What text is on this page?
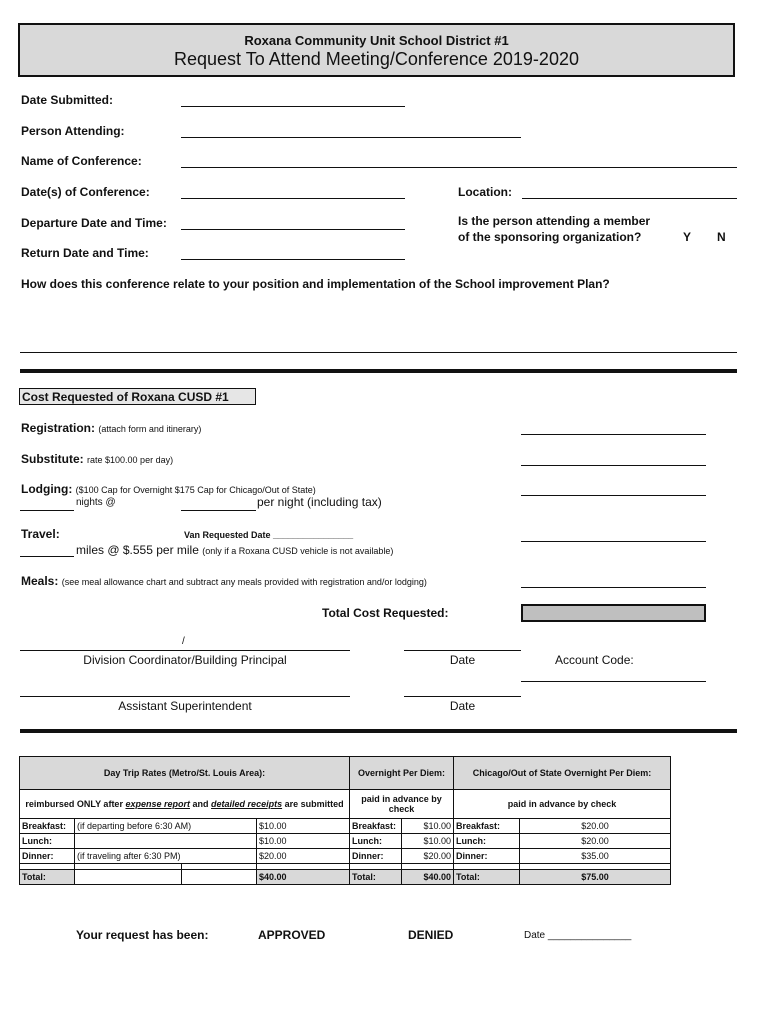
Roxana Community Unit School District #1
Request To Attend Meeting/Conference 2019-2020
Date Submitted:
Person Attending:
Name of Conference:
Date(s) of Conference:	Location:
Departure Date and Time:	Is the person attending a member
of the sponsoring organization?	Y N
Return Date and Time:
How does this conference relate to your position and implementation of the School improvement Plan?
Cost Requested of Roxana CUSD #1
Registration: (attach form and itinerary)
Substitute: rate $100.00 per day)
Lodging: ($100 Cap for Overnight $175 Cap for Chicago/Out of State)
nights @	per night (including tax)
Travel:	Van Requested Date ________________
miles @ $.555 per mile (only if a Roxana CUSD vehicle is not available)
Meals: (see meal allowance chart and subtract any meals provided with registration and/or lodging)
Total Cost Requested:
/
Division Coordinator/Building Principal	Date	Account Code:
Assistant Superintendent	Date
Day Trip Rates (Metro/St. Louis Area):				Overnight Per Diem:		Chicago/Out of State Overnight Per Diem:	
reimbursed ONLY after expense report and detailed receipts are submitted				paid in advance by check		paid in advance by check	
Breakfast:	(if departing before 6:30 AM)		$10.00	Breakfast:	$10.00	Breakfast:	$20.00
Lunch:			$10.00	Lunch:	$10.00	Lunch:	$20.00
Dinner:	(if traveling after 6:30 PM)		$20.00	Dinner:	$20.00	Dinner:	$35.00

Total:			$40.00	Total:	$40.00	Total:	$75.00
Your request has been:	APPROVED	DENIED	Date _______________
